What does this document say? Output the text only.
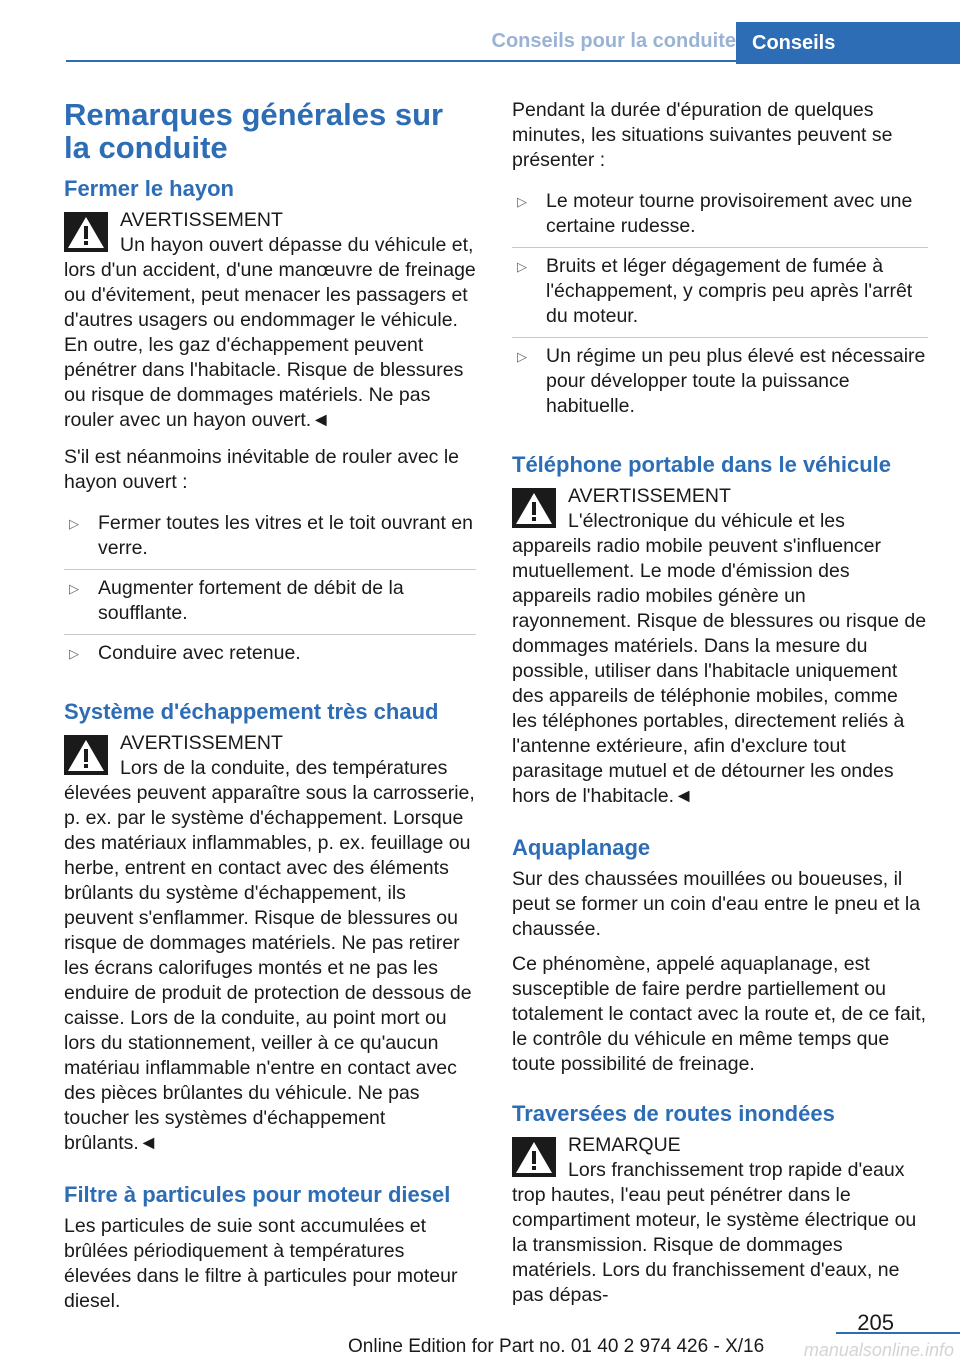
Conseils pour la conduite Conseils
Remarques générales sur la conduite
Fermer le hayon
AVERTISSEMENT
Un hayon ouvert dépasse du véhicule et, lors d'un accident, d'une manœuvre de freinage ou d'évitement, peut menacer les passagers et d'autres usagers ou endommager le véhicule. En outre, les gaz d'échappement peuvent pénétrer dans l'habitacle. Risque de blessures ou risque de dommages matériels. Ne pas rouler avec un hayon ouvert.◄

S'il est néanmoins inévitable de rouler avec le hayon ouvert :

▷ Fermer toutes les vitres et le toit ouvrant en verre.
▷ Augmenter fortement de débit de la soufflante.
▷ Conduire avec retenue.
Système d'échappement très chaud
AVERTISSEMENT
Lors de la conduite, des températures élevées peuvent apparaître sous la carrosserie, p. ex. par le système d'échappement. Lorsque des matériaux inflammables, p. ex. feuillage ou herbe, entrent en contact avec des éléments brûlants du système d'échappement, ils peuvent s'enflammer. Risque de blessures ou risque de dommages matériels. Ne pas retirer les écrans calorifuges montés et ne pas les enduire de produit de protection de dessous de caisse. Lors de la conduite, au point mort ou lors du stationnement, veiller à ce qu'aucun matériau inflammable n'entre en contact avec des pièces brûlantes du véhicule. Ne pas toucher les systèmes d'échappement brûlants.◄
Filtre à particules pour moteur diesel

Les particules de suie sont accumulées et brûlées périodiquement à températures élevées dans le filtre à particules pour moteur diesel.

Pendant la durée d'épuration de quelques minutes, les situations suivantes peuvent se présenter :

▷ Le moteur tourne provisoirement avec une certaine rudesse.
▷ Bruits et léger dégagement de fumée à l'échappement, y compris peu après l'arrêt du moteur.
▷ Un régime un peu plus élevé est nécessaire pour développer toute la puissance habituelle.
Téléphone portable dans le véhicule
AVERTISSEMENT
L'électronique du véhicule et les appareils radio mobile peuvent s'influencer mutuellement. Le mode d'émission des appareils radio mobiles génère un rayonnement. Risque de blessures ou risque de dommages matériels. Dans la mesure du possible, utiliser dans l'habitacle uniquement des appareils de téléphonie mobiles, comme les téléphones portables, directement reliés à l'antenne extérieure, afin d'exclure tout parasitage mutuel et de détourner les ondes hors de l'habitacle.◄
Aquaplanage

Sur des chaussées mouillées ou boueuses, il peut se former un coin d'eau entre le pneu et la chaussée.

Ce phénomène, appelé aquaplanage, est susceptible de faire perdre partiellement ou totalement le contact avec la route et, de ce fait, le contrôle du véhicule en même temps que toute possibilité de freinage.

Traversées de routes inondées
REMARQUE
Lors franchissement trop rapide d'eaux trop hautes, l'eau peut pénétrer dans le compartiment moteur, le système électrique ou la transmission. Risque de dommages matériels. Lors du franchissement d'eaux, ne pas dépas-
205
Online Edition for Part no. 01 40 2 974 426 - X/16 manualsonline.info
